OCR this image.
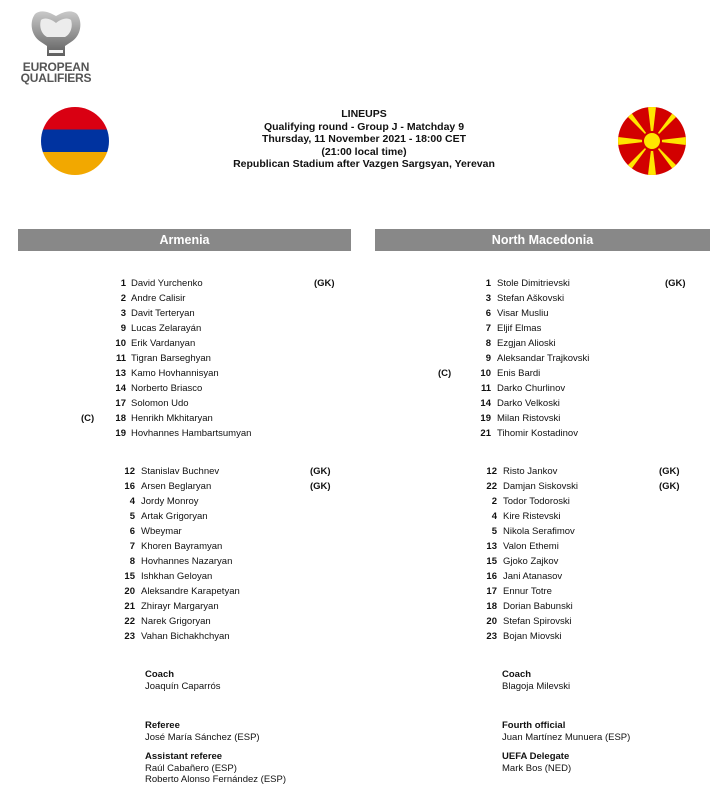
EUROPEAN
QUALIFIERS
LINEUPS
Qualifying round - Group J - Matchday 9
Thursday, 11 November 2021 - 18:00 CET
(21:00 local time)
Republican Stadium after Vazgen Sargsyan, Yerevan
Armenia	North Macedonia
1 David Yurchenko	(GK)
2 Andre Calisir
3 Davit Terteryan
9 Lucas Zelarayán
10 Erik Vardanyan
11 Tigran Barseghyan
13 Kamo Hovhannisyan
14 Norberto Briasco
17 Solomon Udo
(C)	18 Henrikh Mkhitaryan
19 Hovhannes Hambartsumyan
12 Stanislav Buchnev	(GK)
16 Arsen Beglaryan	(GK)
4 Jordy Monroy
5 Artak Grigoryan
6 Wbeymar
7 Khoren Bayramyan
8 Hovhannes Nazaryan
15 Ishkhan Geloyan
20 Aleksandre Karapetyan
21 Zhirayr Margaryan
22 Narek Grigoryan
23 Vahan Bichakhchyan
1 Stole Dimitrievski	(GK)
3 Stefan Aškovski
6 Visar Musliu
7 Eljif Elmas
8 Ezgjan Alioski
9 Aleksandar Trajkovski
(C)	10 Enis Bardi
11 Darko Churlinov
14 Darko Velkoski
19 Milan Ristovski
21 Tihomir Kostadinov
12 Risto Jankov	(GK)
22 Damjan Siskovski	(GK)
2 Todor Todoroski
4 Kire Ristevski
5 Nikola Serafimov
13 Valon Ethemi
15 Gjoko Zajkov
16 Jani Atanasov
17 Ennur Totre
18 Dorian Babunski
20 Stefan Spirovski
23 Bojan Miovski
Coach
Joaquín Caparrós
Coach
Blagoja Milevski
Referee
José María Sánchez (ESP)
Assistant referee
Raúl Cabañero (ESP)
Roberto Alonso Fernández (ESP)
Fourth official
Juan Martínez Munuera (ESP)
UEFA Delegate
Mark Bos (NED)
